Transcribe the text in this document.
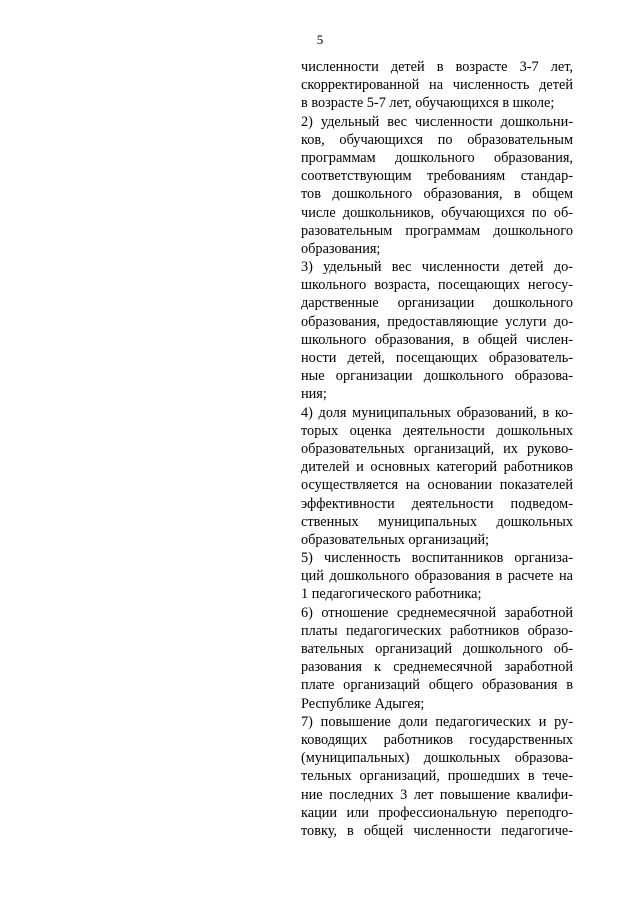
5
численности детей в возрасте 3-7 лет,
скорректированной на численность детей
в возрасте 5-7 лет, обучающихся в школе;
2) удельный вес численности дошкольни-
ков, обучающихся по образовательным
программам дошкольного образования,
соответствующим требованиям стандар-
тов дошкольного образования, в общем
числе дошкольников, обучающихся по об-
разовательным программам дошкольного
образования;
3) удельный вес численности детей до-
школьного возраста, посещающих негосу-
дарственные организации дошкольного
образования, предоставляющие услуги до-
школьного образования, в общей числен-
ности детей, посещающих образователь-
ные организации дошкольного образова-
ния;
4) доля муниципальных образований, в ко-
торых оценка деятельности дошкольных
образовательных организаций, их руково-
дителей и основных категорий работников
осуществляется на основании показателей
эффективности деятельности подведом-
ственных муниципальных дошкольных
образовательных организаций;
5) численность воспитанников организа-
ций дошкольного образования в расчете на
1 педагогического работника;
6) отношение среднемесячной заработной
платы педагогических работников образо-
вательных организаций дошкольного об-
разования к среднемесячной заработной
плате организаций общего образования в
Республике Адыгея;
7) повышение доли педагогических и ру-
ководящих работников государственных
(муниципальных) дошкольных образова-
тельных организаций, прошедших в тече-
ние последних 3 лет повышение квалифи-
кации или профессиональную переподго-
товку, в общей численности педагогиче-
